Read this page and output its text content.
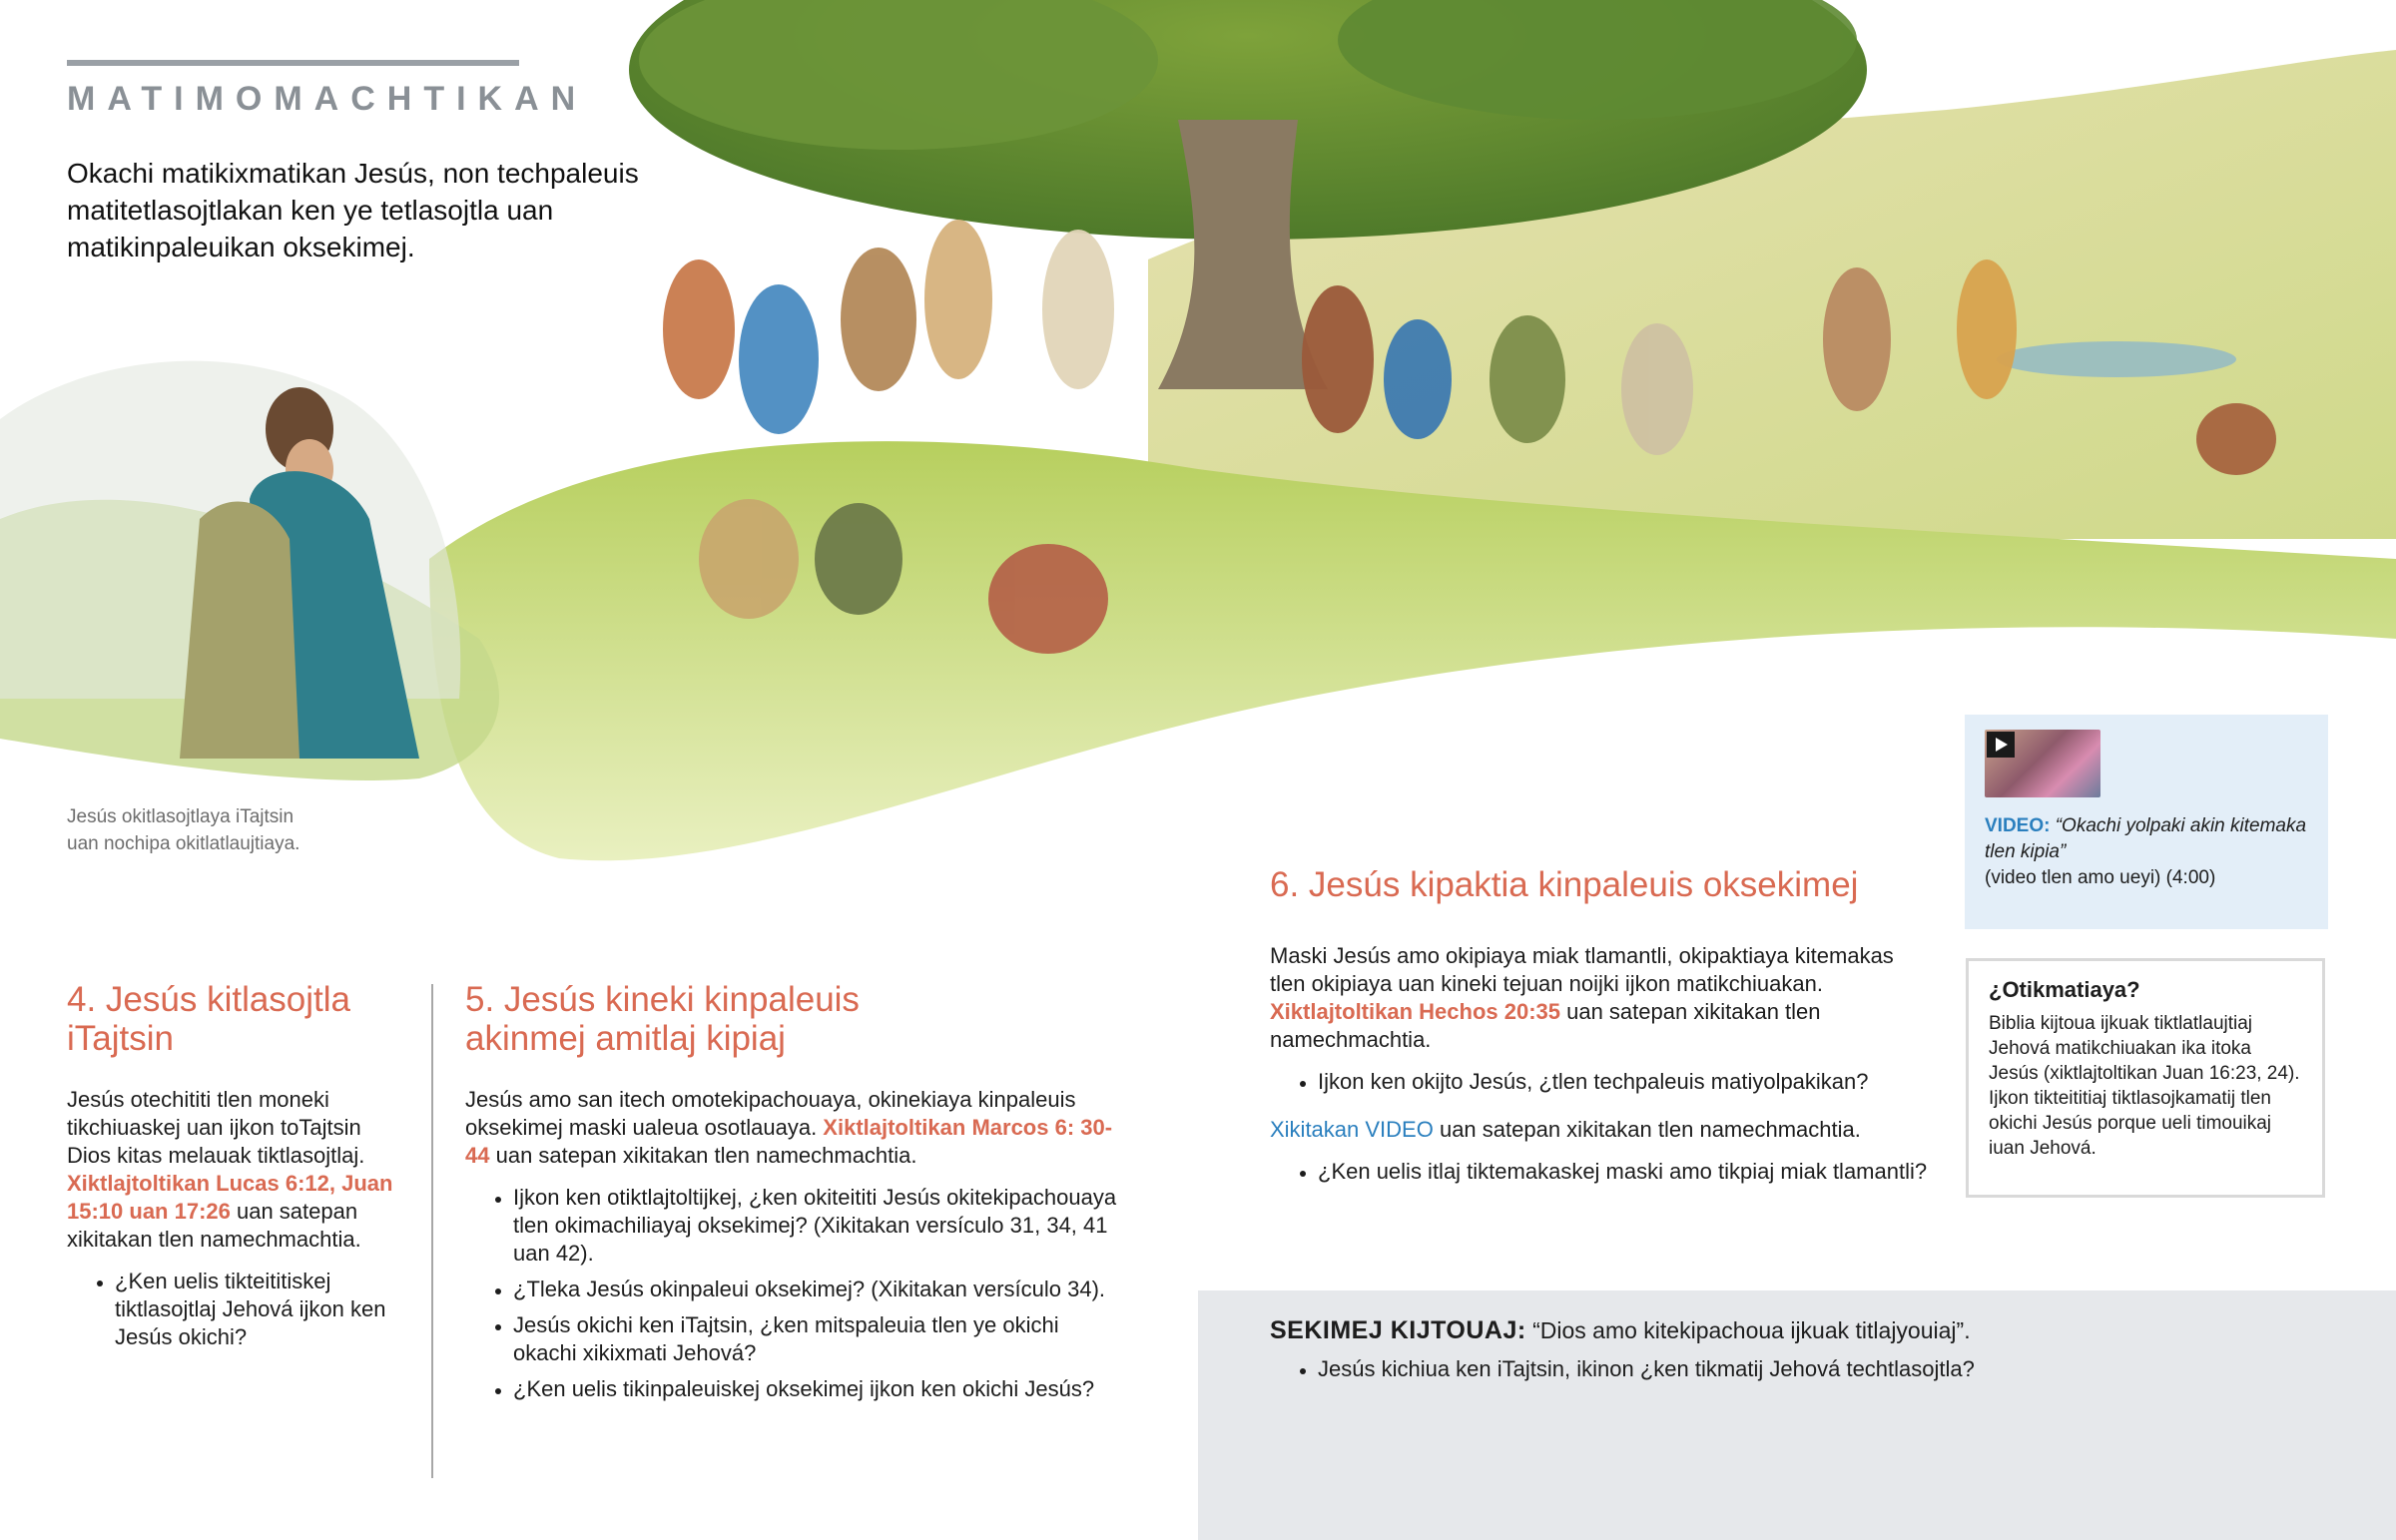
MATIMOMACHTIKAN
Okachi matikixmatikan Jesús, non techpaleuis matitetlasojtlakan ken ye tetlasojtla uan matikinpaleuikan oksekimej.
Jesús okitlasojtlaya iTajtsin
uan nochipa okitlatlaujtiaya.
4. Jesús kitlasojtla
iTajtsin
Jesús otechititi tlen moneki tikchiuaskej uan ijkon toTajtsin Dios kitas melauak tiktlasojtlaj. Xiktlajtoltikan Lucas 6:12, Juan 15:10 uan 17:26 uan satepan xikitakan tlen namechmachtia.
• ¿Ken uelis tikteititiskej tiktlasojtlaj Jehová ijkon ken Jesús okichi?
5. Jesús kineki kinpaleuis
akinmej amitlaj kipiaj
Jesús amo san itech omotekipachouaya, okinekiaya kinpaleuis oksekimej maski ualeua osotlauaya. Xiktlajtoltikan Marcos 6: 30-44 uan satepan xikitakan tlen namechmachtia.
• Ijkon ken otiktlajtoltijkej, ¿ken okiteititi Jesús okitekipachouaya tlen okimachiliayaj oksekimej? (Xikitakan versículo 31, 34, 41 uan 42).
• ¿Tleka Jesús okinpaleui oksekimej? (Xikitakan versículo 34).
• Jesús okichi ken iTajtsin, ¿ken mitspaleuia tlen ye okichi okachi xikixmati Jehová?
• ¿Ken uelis tikinpaleuiskej oksekimej ijkon ken okichi Jesús?
6. Jesús kipaktia kinpaleuis oksekimej
Maski Jesús amo okipiaya miak tlamantli, okipaktiaya kitemakas tlen okipiaya uan kineki tejuan noijki ijkon matikchiuakan. Xiktlajtoltikan Hechos 20:35 uan satepan xikitakan tlen namechmachtia.
• Ijkon ken okijto Jesús, ¿tlen techpaleuis matiyolpakikan?
Xikitakan VIDEO uan satepan xikitakan tlen namechmachtia.
• ¿Ken uelis itlaj tiktemakaskej maski amo tikpiaj miak tlamantli?
VIDEO: “Okachi yolpaki akin kitemaka tlen kipia”
(video tlen amo ueyi) (4:00)
¿Otikmatiaya?
Biblia kijtoua ijkuak tiktlatlaujtiaj Jehová matikchiuakan ika itoka Jesús (xiktlajtoltikan Juan 16:23, 24). Ijkon tikteititiaj tiktlasojkamatij tlen okichi Jesús porque ueli timouikaj iuan Jehová.
SEKIMEJ KIJTOUAJ: “Dios amo kitekipachoua ijkuak titlajyouiaj”.
• Jesús kichiua ken iTajtsin, ikinon ¿ken tikmatij Jehová techtlasojtla?
